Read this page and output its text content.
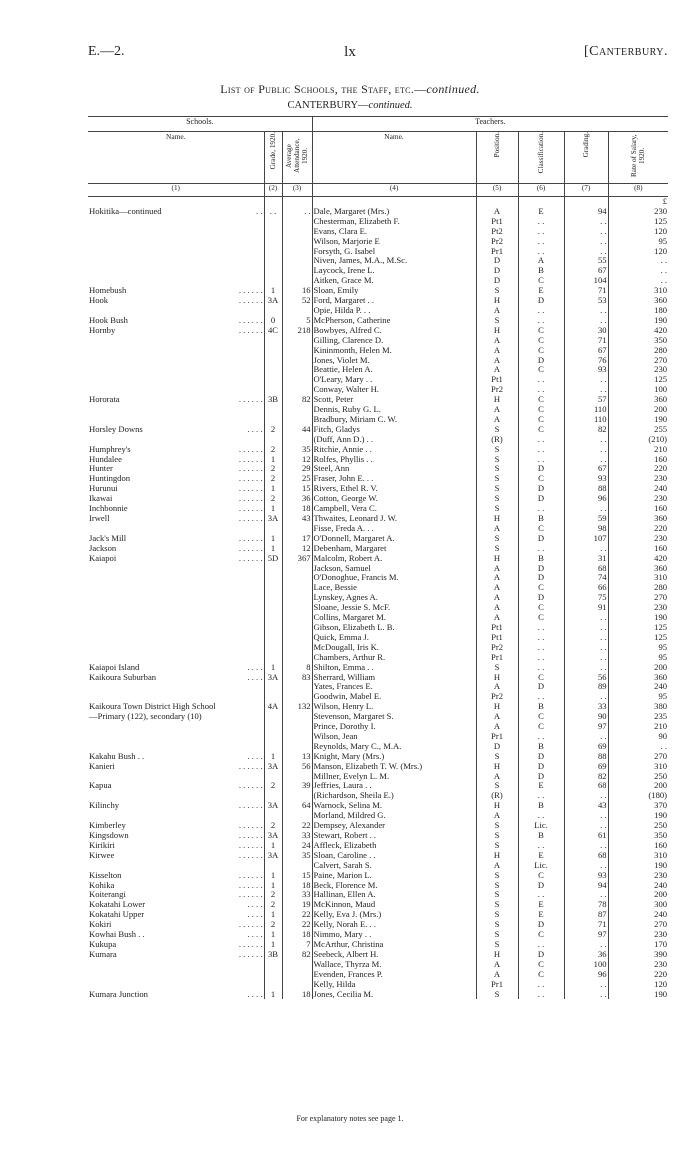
E.—2.	lx	[Canterbury.
List of Public Schools, the Staff, etc.—continued.
CANTERBURY—continued.
Schools.			Teachers.				
Name.	Grade, 1920.	Average Attendance, 1920.	Name.	Position.	Classification.	Grading.	Rate of Salary, 1920.
(1)	(2)	(3)	(4)	(5)	(6)	(7)	(8)
							£
Hokitika—continued . .	. .	. .	Dale, Margaret (Mrs.)	A	E	94	230
			Chesterman, Elizabeth F.	Pt1	. .	. .	125
			Evans, Clara E.	Pt2	. .	. .	120
			Wilson, Marjorie E	Pr2	. .	. .	95
			Forsyth, G. Isabel	Pr1	. .	. .	120
			Niven, James, M.A., M.Sc.	D	A	55	. .
			Laycock, Irene L.	D	B	67	. .
			Aitken, Grace M.	D	C	104	. .
Homebush . . . . . .	1	16	Sloan, Emily	S	E	71	310
Hook . . . . . .	3A	52	Ford, Margaret . .	H	D	53	360
			Opie, Hilda P. . .	A	. .	. .	180
Hook Bush . . . . . .	0	5	McPherson, Catherine	S	. .	. .	190
Hornby . . . . . .	4C	218	Bowbyes, Alfred C.	H	C	30	420
			Gilling, Clarence D.	A	C	71	350
			Kininmonth, Helen M.	A	C	67	280
			Jones, Violet M.	A	D	76	270
			Beattie, Helen A.	A	C	93	230
			O'Leary, Mary . .	Pt1	. .	. .	125
			Conway, Walter H.	Pr2	. .	. .	100
Hororata . . . . . .	3B	82	Scott, Peter	H	C	57	360
			Dennis, Ruby G. L.	A	C	110	200
			Bradbury, Miriam C. W.	A	C	110	190
Horsley Downs . . . .	2	44	Fitch, Gladys	S	C	82	255
			(Duff, Ann D.) . .	(R)	. .	. .	(210)
Humphrey's . . . . . .	2	35	Ritchie, Annie . .	S	. .	. .	210
Hundalee . . . . . .	1	12	Rolfes, Phyllis . .	S	. .	. .	160
Hunter . . . . . .	2	29	Steel, Ann	S	D	67	220
Huntingdon . . . . . .	2	25	Fraser, John E. . .	S	C	93	230
Hurunui . . . . . .	1	15	Rivers, Ethel R. V.	S	D	88	240
Ikawai . . . . . .	2	36	Cotton, George W.	S	D	96	230
Inchbonnie . . . . . .	1	18	Campbell, Vera C.	S	. .	. .	160
Irwell . . . . . .	3A	43	Thwaites, Leonard J. W.	H	B	59	360
			Fisse, Freda A. . .	A	C	98	220
Jack's Mill . . . . . .	1	17	O'Donnell, Margaret A.	S	D	107	230
Jackson . . . . . .	1	12	Debenham, Margaret	S	. .	. .	160
Kaiapoi . . . . . .	5D	367	Malcolm, Robert A.	H	B	31	420
			Jackson, Samuel	A	D	68	360
			O'Donoghue, Francis M.	A	D	74	310
			Lace, Bessie	A	C	66	280
			Lynskey, Agnes A.	A	D	75	270
			Sloane, Jessie S. McF.	A	C	91	230
			Collins, Margaret M.	A	C	. .	190
			Gibson, Elizabeth L. B.	Pt1	. .	. .	125
			Quick, Emma J.	Pt1	. .	. .	125
			McDougall, Iris K.	Pr2	. .	. .	95
			Chambers, Arthur R.	Pr1	. .	. .	95
Kaiapoi Island . . . .	1	8	Shilton, Emma . .	S	. .	. .	200
Kaikoura Suburban . . . .	3A	83	Sherrard, William	H	C	56	360
			Yates, Frances E.	A	D	89	240
			Goodwin, Mabel E.	Pr2	. .	. .	95
Kaikoura Town District High School	4A	132	Wilson, Henry L.	H	B	33	380
—Primary (122), secondary (10)			Stevenson, Margaret S.	A	C	90	235
			Prince, Dorothy I.	A	C	97	210
			Wilson, Jean	Pr1	. .	. .	90
			Reynolds, Mary C., M.A.	D	B	69	. .
Kakahu Bush . . . . . .	1	13	Knight, Mary (Mrs.)	S	D	88	270
Kanieri . . . . . .	3A	56	Manson, Elizabeth T. W. (Mrs.)	H	D	69	310
			Millner, Evelyn L. M.	A	D	82	250
Kapua . . . . . .	2	39	Jeffries, Laura . .	S	E	68	200
			(Richardson, Sheila E.)	(R)	. .	. .	(180)
Kilinchy . . . . . .	3A	64	Warnock, Selina M.	H	B	43	370
			Morland, Mildred G.	A	. .	. .	190
Kimberley . . . . . .	2	22	Dempsey, Alexander	S	Lic.	. .	250
Kingsdown . . . . . .	3A	33	Stewart, Robert . .	S	B	61	350
Kirikiri . . . . . .	1	24	Affleck, Elizabeth	S	. .	. .	160
Kirwee . . . . . .	3A	35	Sloan, Caroline . .	H	E	68	310
			Calvert, Sarah S.	A	Lic.	. .	190
Kisselton . . . . . .	1	15	Paine, Marion L.	S	C	93	230
Kohika . . . . . .	1	18	Beck, Florence M.	S	D	94	240
Koiterangi . . . . . .	2	33	Hallinan, Ellen A.	S	. .	. .	200
Kokatahi Lower . . . .	2	19	McKinnon, Maud	S	E	78	300
Kokatahi Upper . . . .	1	22	Kelly, Eva J. (Mrs.)	S	E	87	240
Kokiri . . . . . .	2	22	Kelly, Norah E. . .	S	D	71	270
Kowhai Bush . . . . . .	1	18	Nimmo, Mary . .	S	C	97	230
Kukupa . . . . . .	1	7	McArthur, Christina	S	. .	. .	170
Kumara . . . . . .	3B	82	Seebeck, Albert H.	H	D	36	390
			Wallace, Thyrza M.	A	C	100	230
			Evenden, Frances P.	A	C	96	220
			Kelly, Hilda	Pr1	. .	. .	120
Kumara Junction . . . .	1	18	Jones, Cecilia M.	S	. .	. .	190
For explanatory notes see page 1.
